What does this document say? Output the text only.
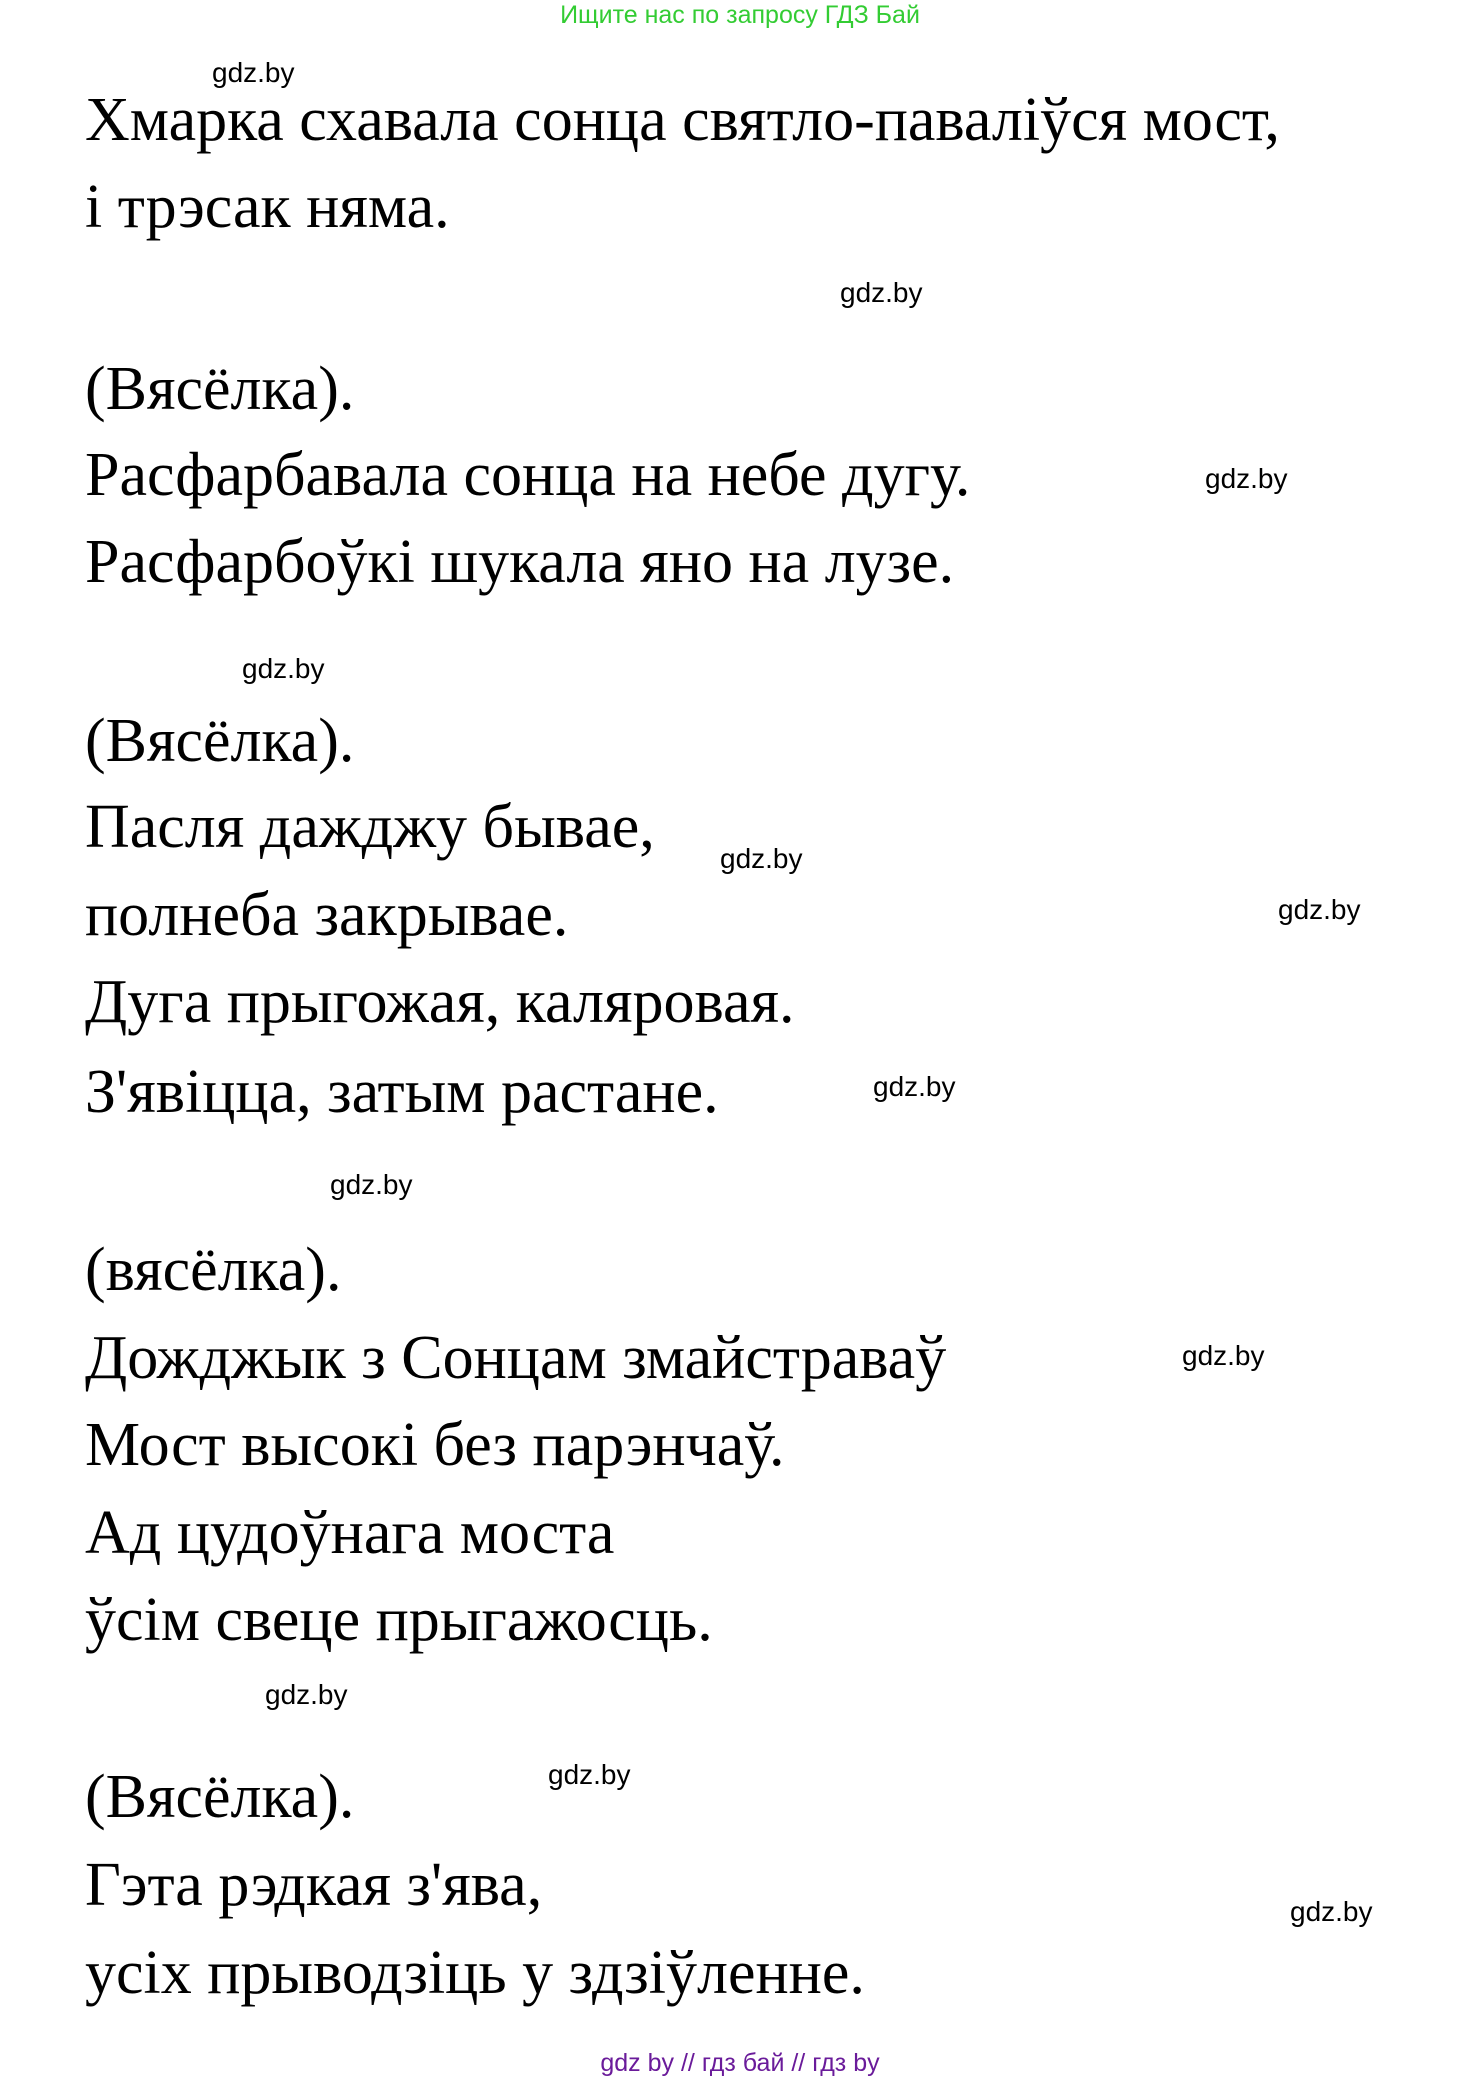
Ищите нас по запросу ГДЗ Бай
Хмарка схавала сонца святло-паваліўся мост,
і трэсак няма.
(Вясёлка).
Расфарбавала сонца на небе дугу.
Расфарбоўкі шукала яно на лузе.
(Вясёлка).
Пасля дажджу бывае,
полнеба закрывае.
Дуга прыгожая, каляровая.
З'явіцца, затым растане.
(вясёлка).
Дожджык з Сонцам змайстраваў
Мост высокі без парэнчаў.
Ад цудоўнага моста
ўсім свеце прыгажосць.
(Вясёлка).
Гэта рэдкая з'ява,
усіх прыводзіць у здзіўленне.
gdz.by
gdz.by
gdz.by
gdz.by
gdz.by
gdz.by
gdz.by
gdz.by
gdz.by
gdz.by
gdz.by
gdz.by
gdz by // гдз бай // гдз by
